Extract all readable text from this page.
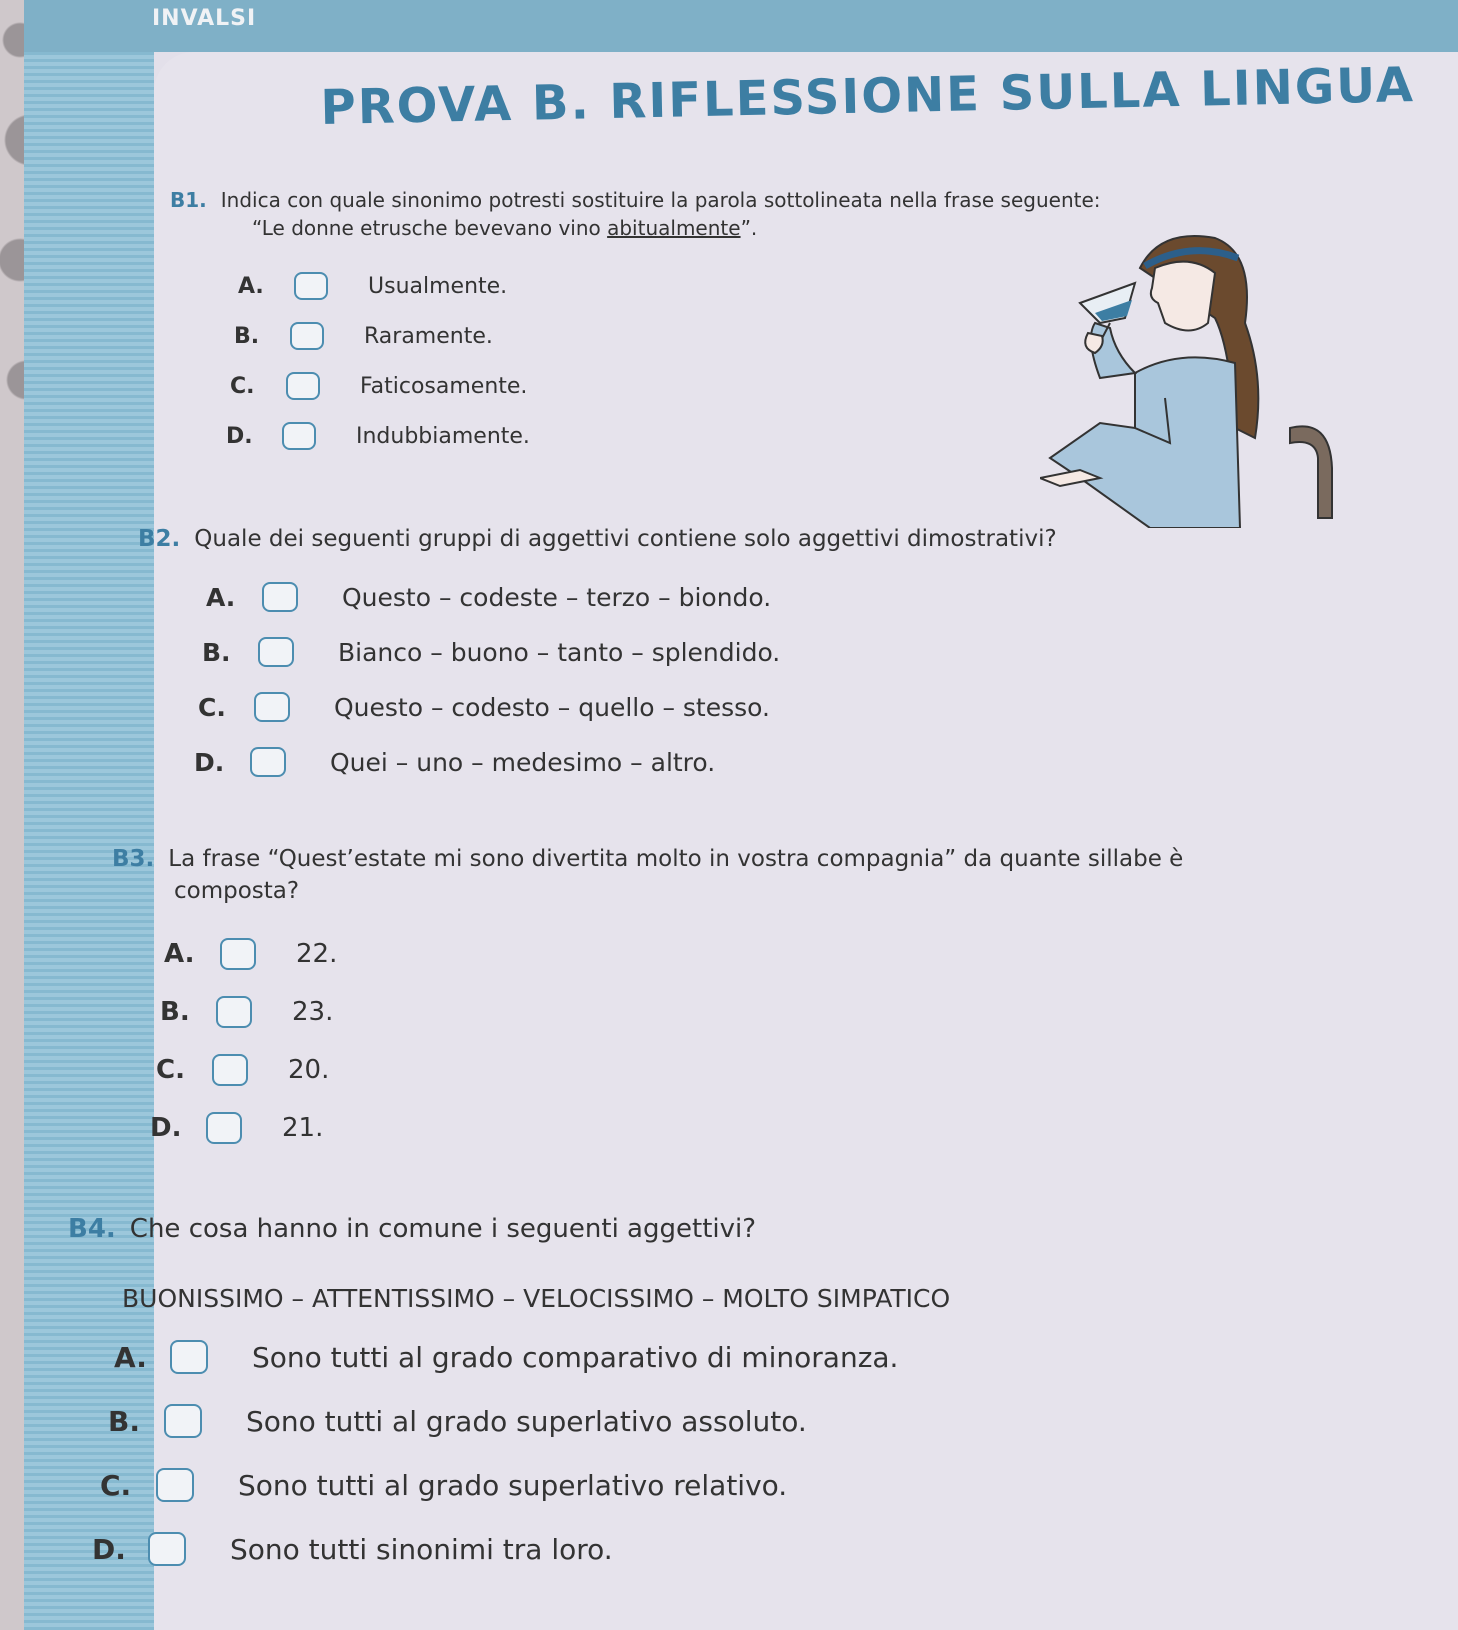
INVALSI
PROVA B. RIFLESSIONE SULLA LINGUA
B1. Indica con quale sinonimo potresti sostituire la parola sottolineata nella frase seguente:
“Le donne etrusche bevevano vino abitualmente”.
A.	Usualmente.
B.	Raramente.
C.	Faticosamente.
D.	Indubbiamente.
B2. Quale dei seguenti gruppi di aggettivi contiene solo aggettivi dimostrativi?
A.	Questo – codeste – terzo – biondo.
B.	Bianco – buono – tanto – splendido.
C.	Questo – codesto – quello – stesso.
D.	Quei – uno – medesimo – altro.
B3. La frase “Quest’estate mi sono divertita molto in vostra compagnia” da quante sillabe è
composta?
A.	22.
B.	23.
C.	20.
D.	21.
B4. Che cosa hanno in comune i seguenti aggettivi?
BUONISSIMO – ATTENTISSIMO – VELOCISSIMO – MOLTO SIMPATICO
A.	Sono tutti al grado comparativo di minoranza.
B.	Sono tutti al grado superlativo assoluto.
C.	Sono tutti al grado superlativo relativo.
D.	Sono tutti sinonimi tra loro.
